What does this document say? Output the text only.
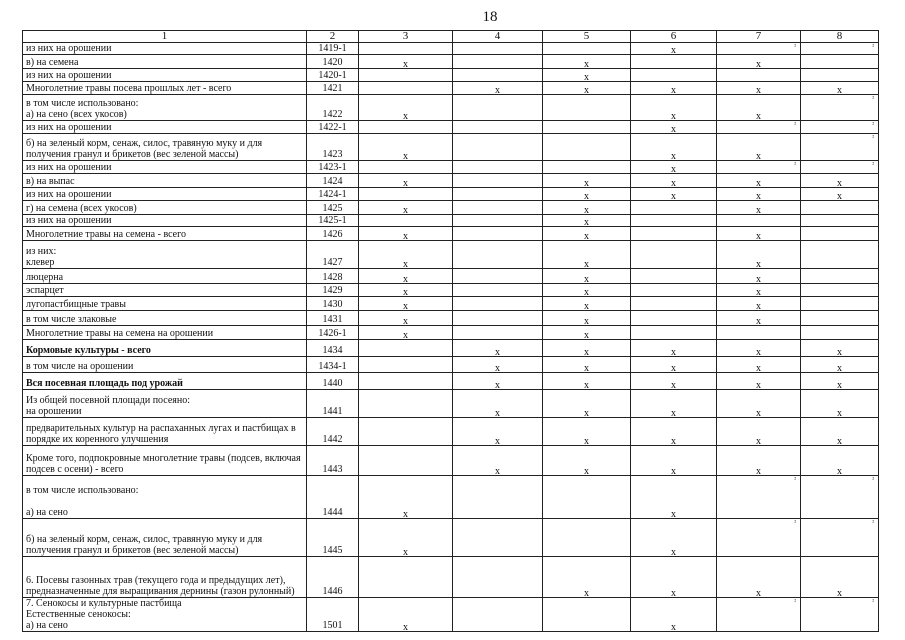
18
1	2	3	4	5	6	7	8
из них на орошении	1419-1				x	²	²

в) на семена	1420	x		x		x	
из них на орошении	1420-1			x			
Многолетние травы посева прошлых лет - всего	1421		x	x	x	x	x
в том числе использовано:
а) на сено (всех укосов)	1422	x			x	x	²

из них на орошении	1422-1				x	²	²

б) на зеленый корм, сенаж, силос, травяную муку и для получения гранул и брикетов (вес зеленой массы)	1423	x			x	x	²

из них на орошении	1423-1				x	²	²

в) на выпас	1424	x		x	x	x	x
из них на орошении	1424-1			x	x	x	x
г) на семена (всех укосов)	1425	x		x		x	
из них на орошении	1425-1			x			
Многолетние травы на семена - всего	1426	x		x		x	
из них:
клевер	1427	x		x		x	
люцерна	1428	x		x		x	
эспарцет	1429	x		x		x	
лугопастбищные травы	1430	x		x		x	
в том числе злаковые	1431	x		x		x	
Многолетние травы на семена на орошении	1426-1	x		x			
Кормовые культуры - всего	1434		x	x	x	x	x
в том числе на орошении	1434-1		x	x	x	x	x
Вся посевная площадь под урожай	1440		x	x	x	x	x
Из общей посевной площади посеяно:
на орошении	1441		x	x	x	x	x
предварительных культур на распаханных лугах и пастбищах в порядке их коренного улучшения	1442		x	x	x	x	x
Кроме того, подпокровные многолетние травы (подсев, включая подсев с осени) - всего	1443		x	x	x	x	x
в том числе использовано:

а) на сено	1444	x			x	²	²

б) на зеленый корм, сенаж, силос, травяную муку и для получения гранул и брикетов (вес зеленой массы)	1445	x			x	²	²

6. Посевы газонных трав (текущего года и предыдущих лет), предназначенные для выращивания дернины (газон рулонный)	1446			x	x	x	x
7. Сенокосы и культурные пастбища
Естественные сенокосы:
а) на сено	1501	x			x	²	²
